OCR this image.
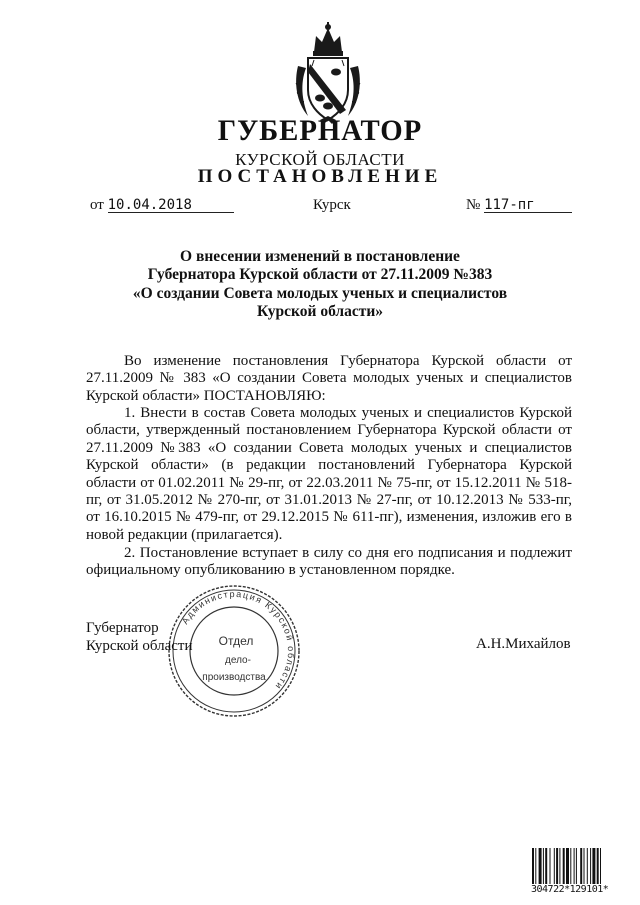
ГУБЕРНАТОР
КУРСКОЙ ОБЛАСТИ
ПОСТАНОВЛЕНИЕ
от 10.04.2018	Курск	№ 117-пг
О внесении изменений в постановление
Губернатора Курской области от 27.11.2009 №383
«О создании Совета молодых ученых и специалистов
Курской области»
Во изменение постановления Губернатора Курской области от 27.11.2009 № 383 «О создании Совета молодых ученых и специалистов Курской области» ПОСТАНОВЛЯЮ:
1. Внести в состав Совета молодых ученых и специалистов Курской области, утвержденный постановлением Губернатора Курской области от 27.11.2009 №383 «О создании Совета молодых ученых и специалистов Курской области» (в редакции постановлений Губернатора Курской области от 01.02.2011 № 29-пг, от 22.03.2011 № 75-пг, от 15.12.2011 № 518-пг, от 31.05.2012 № 270-пг, от 31.01.2013 № 27-пг, от 10.12.2013 № 533-пг, от 16.10.2015 № 479-пг, от 29.12.2015 № 611-пг), изменения, изложив его в новой редакции (прилагается).
2. Постановление вступает в силу со дня его подписания и подлежит официальному опубликованию в установленном порядке.
Администрация Курской области
Отдел
дело-
производства
Губернатор
Курской области	А.Н.Михайлов
304722*129101*
